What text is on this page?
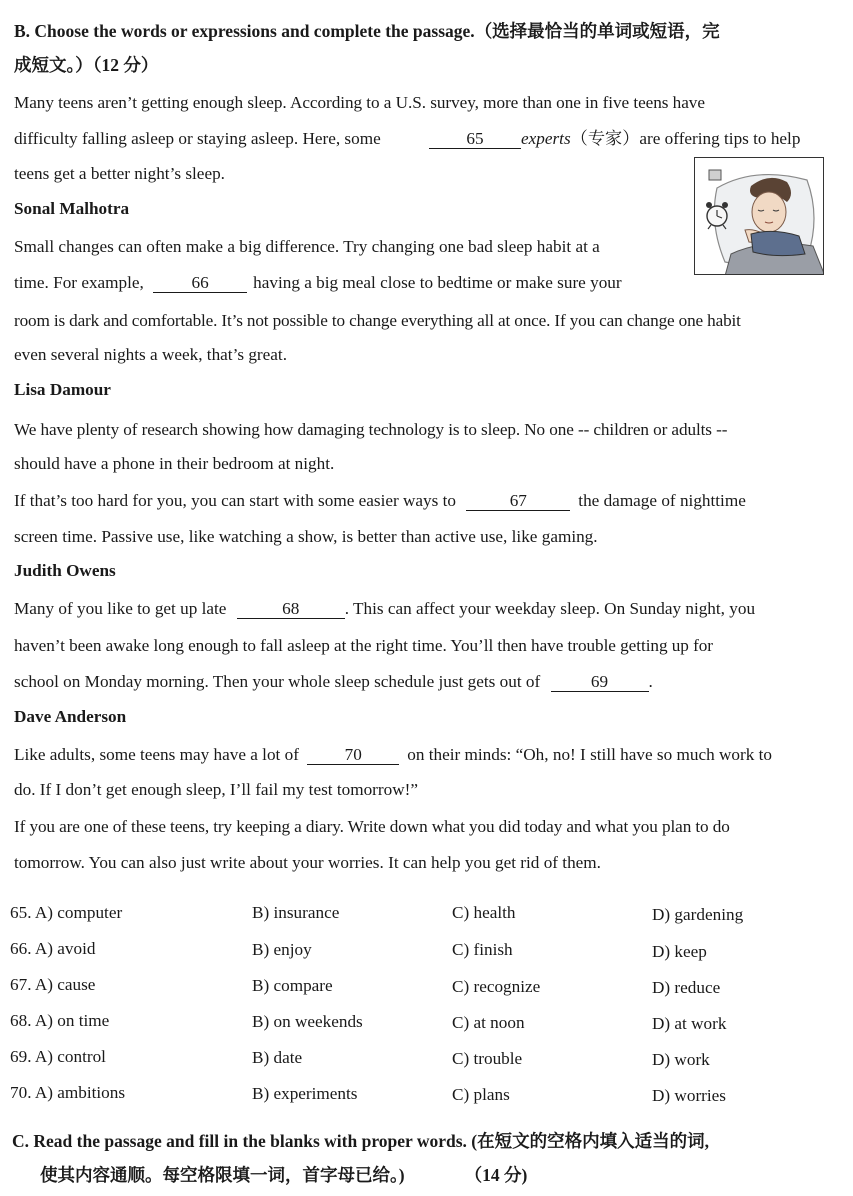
B. Choose the words or expressions and complete the passage.（选择最恰当的单词或短语，完
成短文。）（12 分）
Many teens aren’t getting enough sleep. According to a U.S. survey, more than one in five teens have
difficulty falling asleep or staying asleep. Here, some	65 experts（专家）are offering tips to help
teens get a better night’s sleep.
Sonal Malhotra
Small changes can often make a big difference. Try changing one bad sleep habit at a
time. For example,	66	having a big meal close to bedtime or make sure your
room is dark and comfortable. It’s not possible to change everything all at once. If you can change one habit
even several nights a week, that’s great.
Lisa Damour
We have plenty of research showing how damaging technology is to sleep. No one -- children or adults --
should have a phone in their bedroom at night.
If that’s too hard for you, you can start with some easier ways to	67	the damage of nighttime
screen time. Passive use, like watching a show, is better than active use, like gaming.
Judith Owens
Many of you like to get up late	68	. This can affect your weekday sleep. On Sunday night, you
haven’t been awake long enough to fall asleep at the right time. You’ll then have trouble getting up for
school on Monday morning. Then your whole sleep schedule just gets out of	69 .
Dave Anderson
Like adults, some teens may have a lot of	70	on their minds: “Oh, no! I still have so much work to
do. If I don’t get enough sleep, I’ll fail my test tomorrow!”
If you are one of these teens, try keeping a diary. Write down what you did today and what you plan to do
tomorrow. You can also just write about your worries. It can help you get rid of them.
65. A) computer	B) insurance	C) health	D) gardening
66. A) avoid	B) enjoy	C) finish	D) keep
67. A) cause	B) compare	C) recognize	D) reduce
68. A) on time	B) on weekends	C) at noon	D) at work
69. A) control	B) date	C) trouble	D) work
70. A) ambitions	B) experiments	C) plans	D) worries
C. Read the passage and fill in the blanks with proper words. (在短文的空格内填入适当的词,
使其内容通顺。每空格限填一词，首字母已给。)	（14 分)
